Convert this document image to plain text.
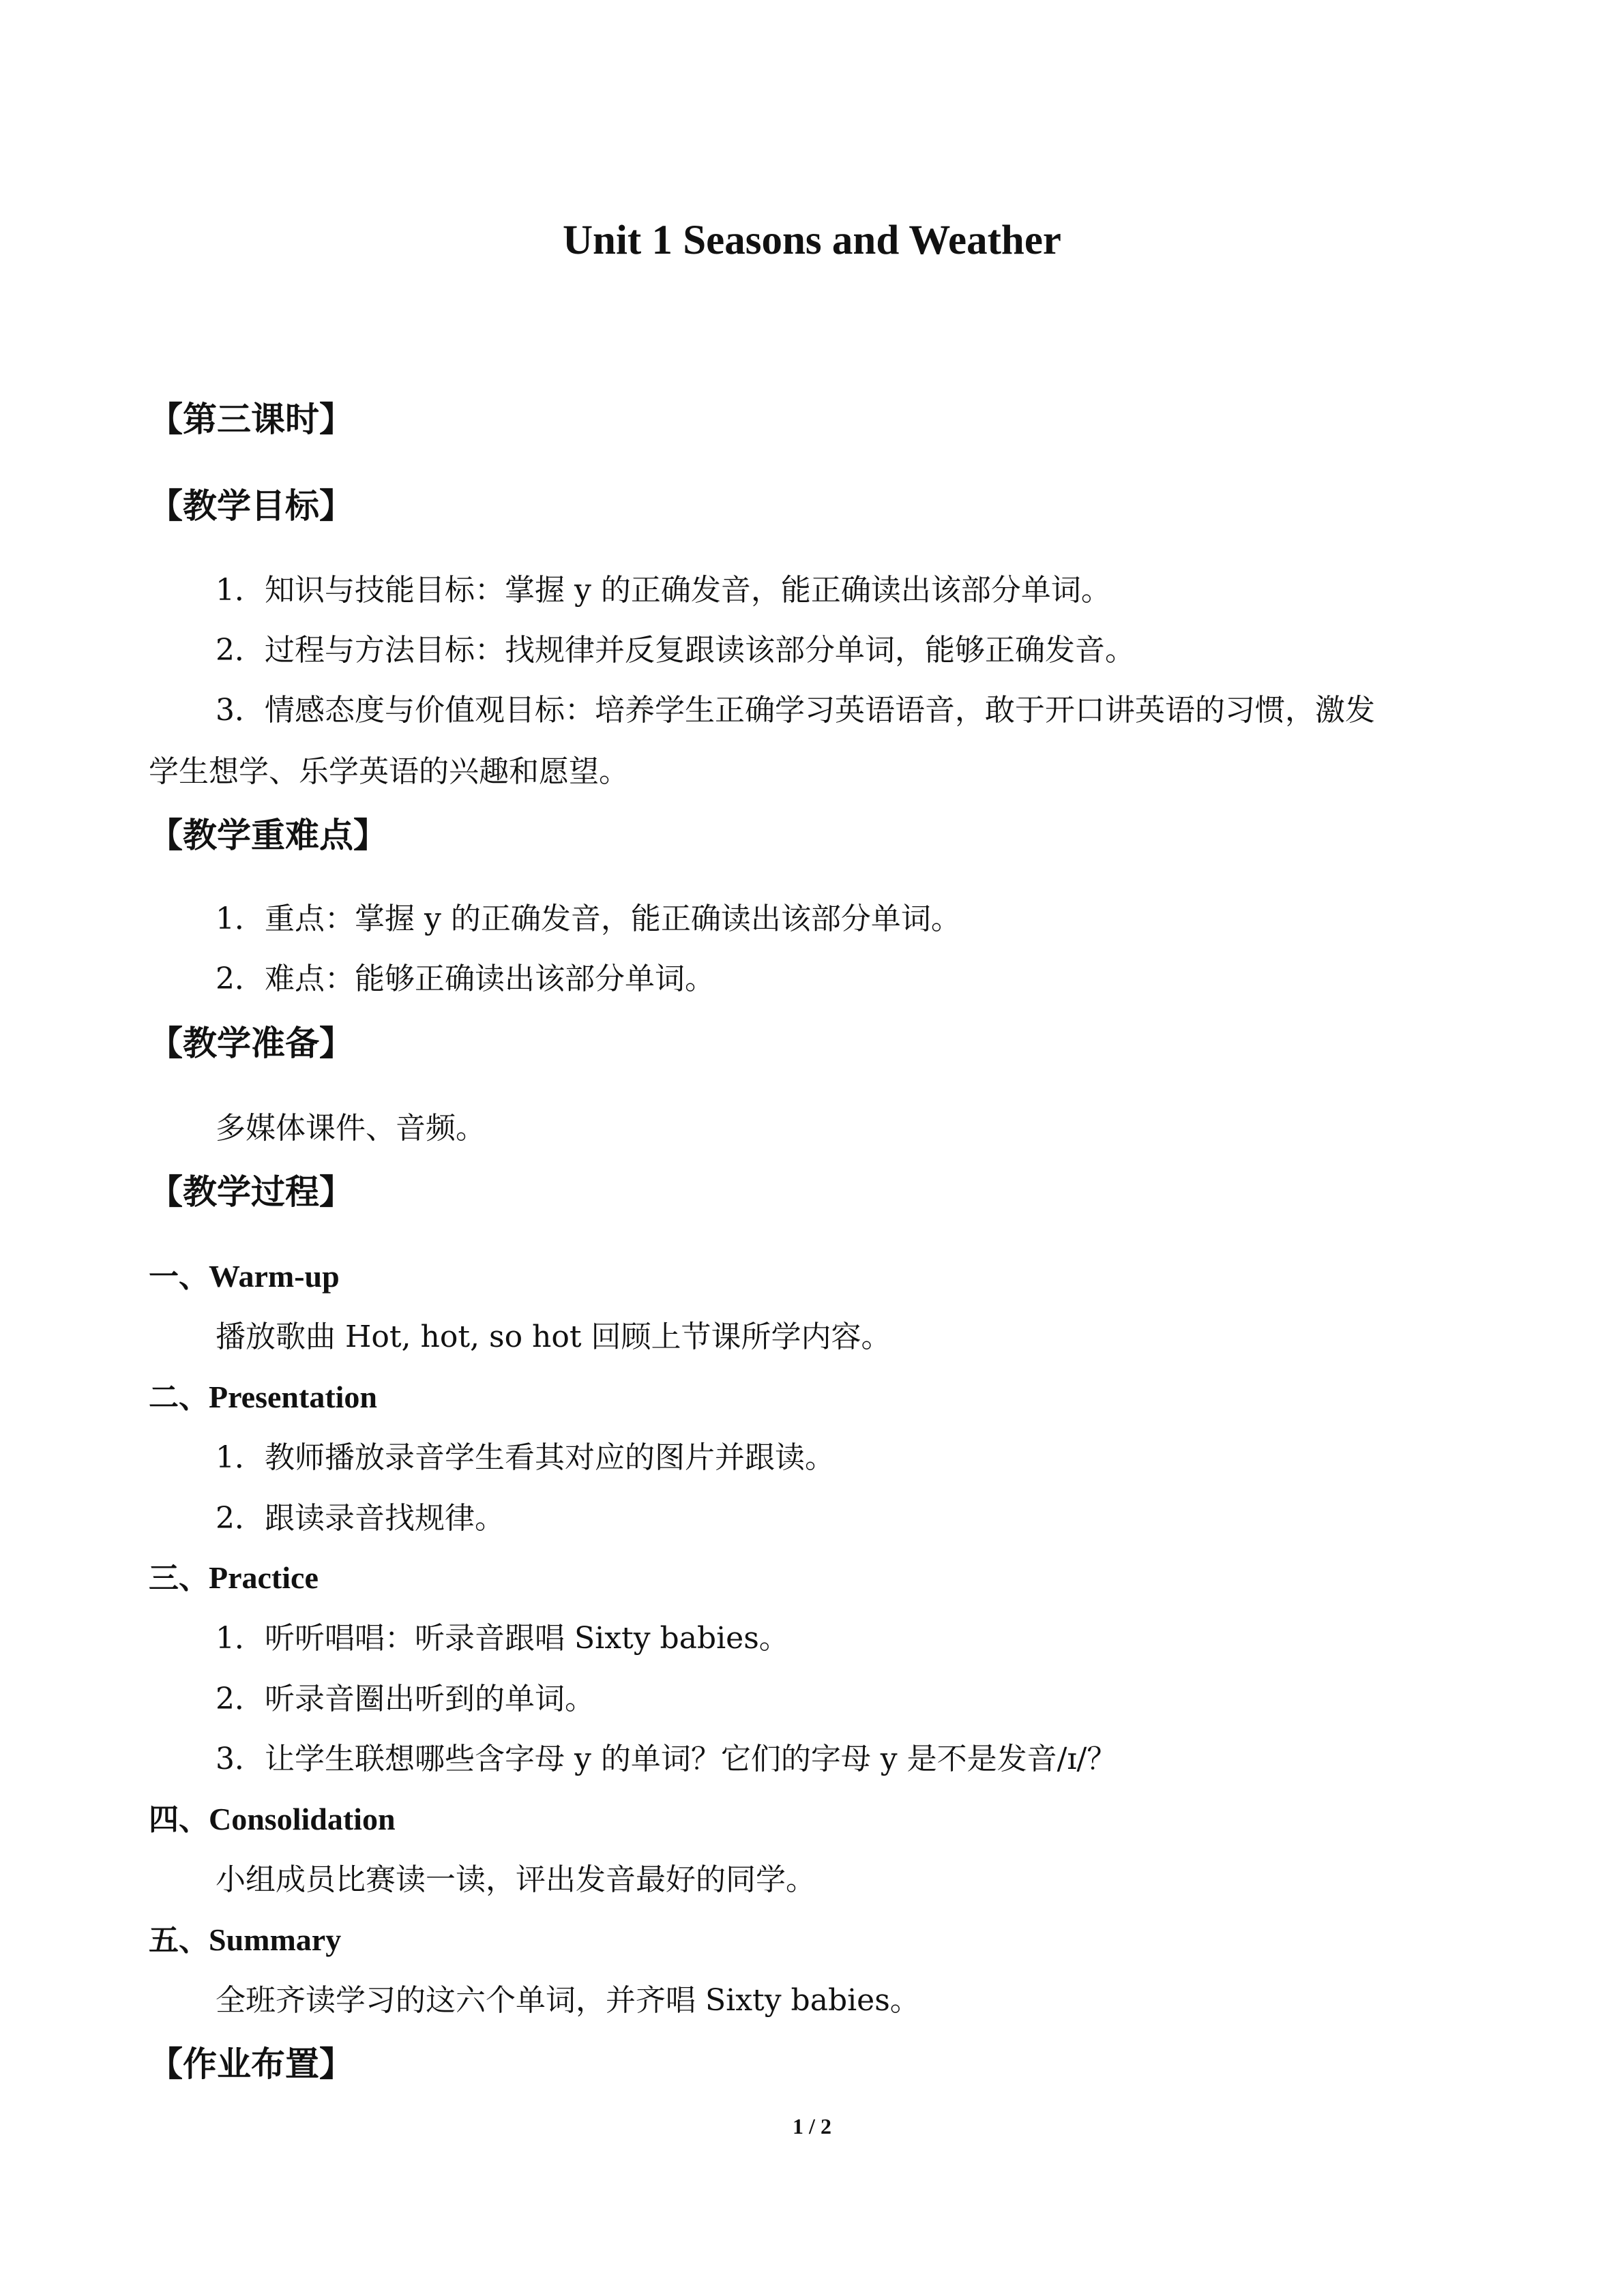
Unit 1 Seasons and Weather
【第三课时】
【教学目标】
1．知识与技能目标：掌握 y 的正确发音，能正确读出该部分单词。
2．过程与方法目标：找规律并反复跟读该部分单词，能够正确发音。
3．情感态度与价值观目标：培养学生正确学习英语语音，敢于开口讲英语的习惯，激发
学生想学、乐学英语的兴趣和愿望。
【教学重难点】
1．重点：掌握 y 的正确发音，能正确读出该部分单词。
2．难点：能够正确读出该部分单词。
【教学准备】
多媒体课件、音频。
【教学过程】
一、Warm-up
播放歌曲 Hot, hot, so hot 回顾上节课所学内容。
二、Presentation
1．教师播放录音学生看其对应的图片并跟读。
2．跟读录音找规律。
三、Practice
1．听听唱唱：听录音跟唱 Sixty babies。
2．听录音圈出听到的单词。
3．让学生联想哪些含字母 y 的单词？它们的字母 y 是不是发音/ɪ/？
四、Consolidation
小组成员比赛读一读，评出发音最好的同学。
五、Summary
全班齐读学习的这六个单词，并齐唱 Sixty babies。
【作业布置】
1 / 2
